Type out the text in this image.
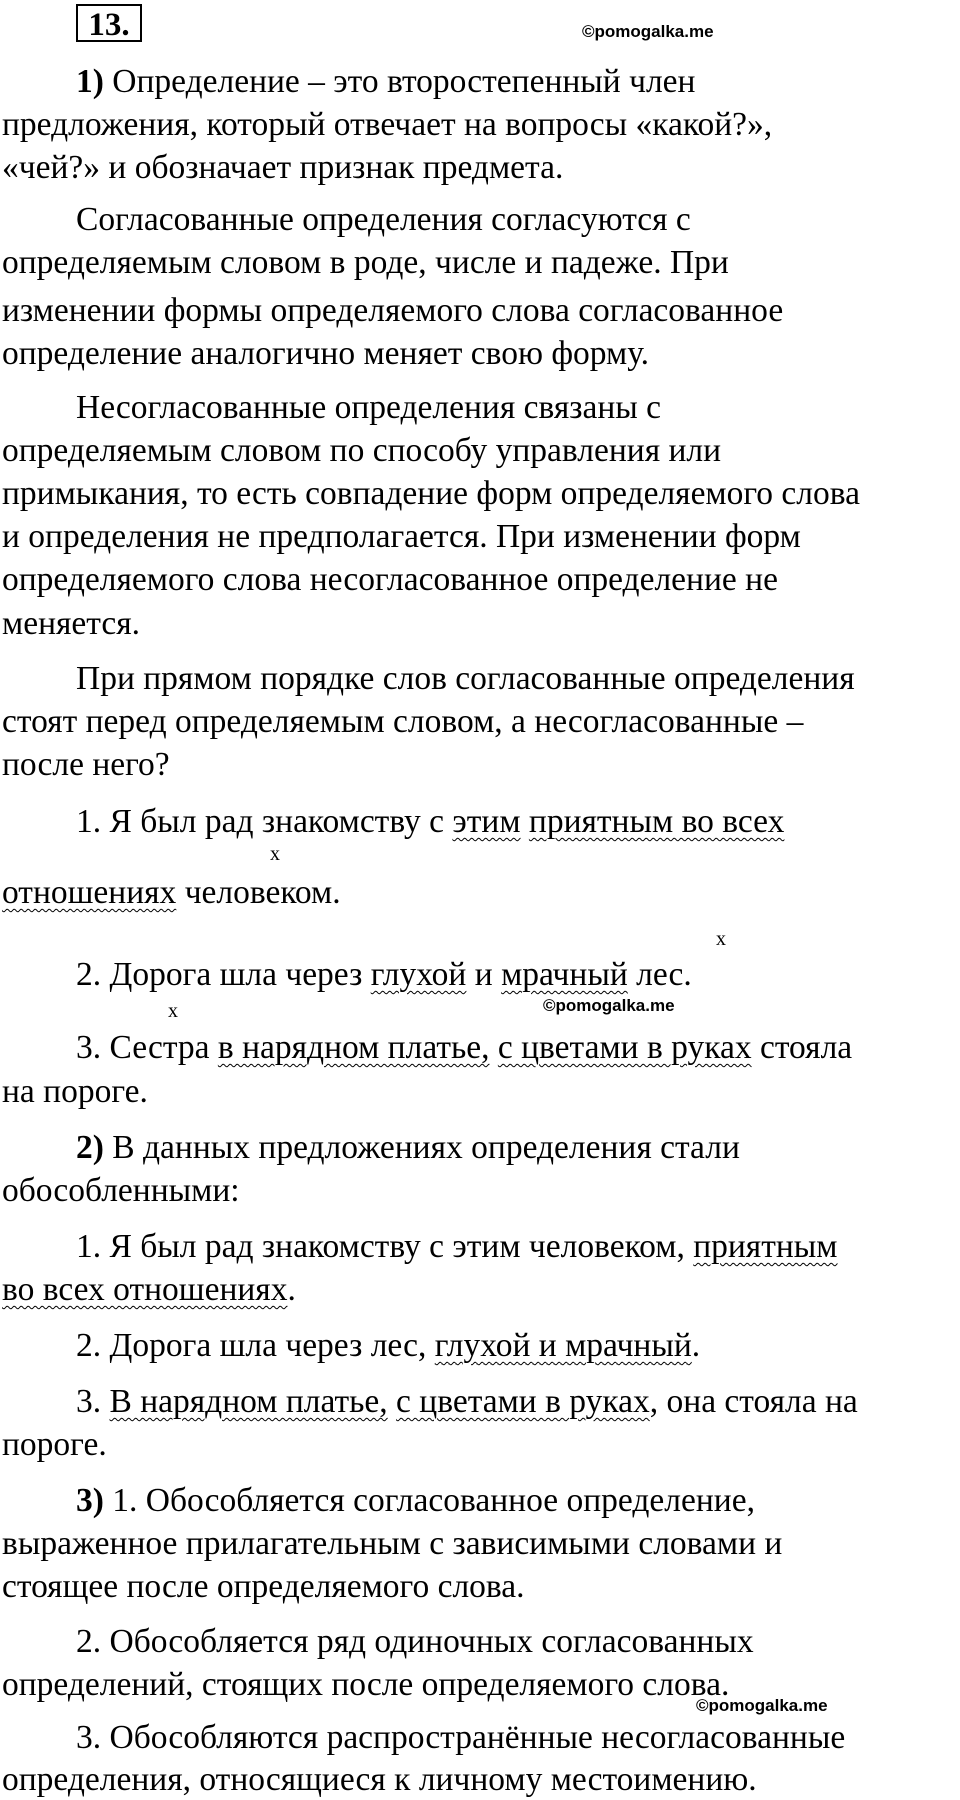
13.	©pomogalka.me
1) Определение – это второстепенный член
предложения, который отвечает на вопросы «какой?»,
«чей?» и обозначает признак предмета.
Согласованные определения согласуются с
определяемым словом в роде, числе и падеже. При
изменении формы определяемого слова согласованное
определение аналогично меняет свою форму.
Несогласованные определения связаны с
определяемым словом по способу управления или
примыкания, то есть совпадение форм определяемого слова
и определения не предполагается. При изменении форм
определяемого слова несогласованное определение не
меняется.
При прямом порядке слов согласованные определения
стоят перед определяемым словом, а несогласованные –
после него?
1. Я был рад знакомству с этим приятным во всех
х
отношениях человеком.
х
2. Дорога шла через глухой и мрачный лес.
©pomogalka.me
х
3. Сестра в нарядном платье, с цветами в руках стояла
на пороге.
2) В данных предложениях определения стали
обособленными:
1. Я был рад знакомству с этим человеком, приятным
во всех отношениях.
2. Дорога шла через лес, глухой и мрачный.
3. В нарядном платье, с цветами в руках, она стояла на
пороге.
3) 1. Обособляется согласованное определение,
выраженное прилагательным с зависимыми словами и
стоящее после определяемого слова.
2. Обособляется ряд одиночных согласованных
определений, стоящих после определяемого слова.
©pomogalka.me
3. Обособляются распространённые несогласованные
определения, относящиеся к личному местоимению.
